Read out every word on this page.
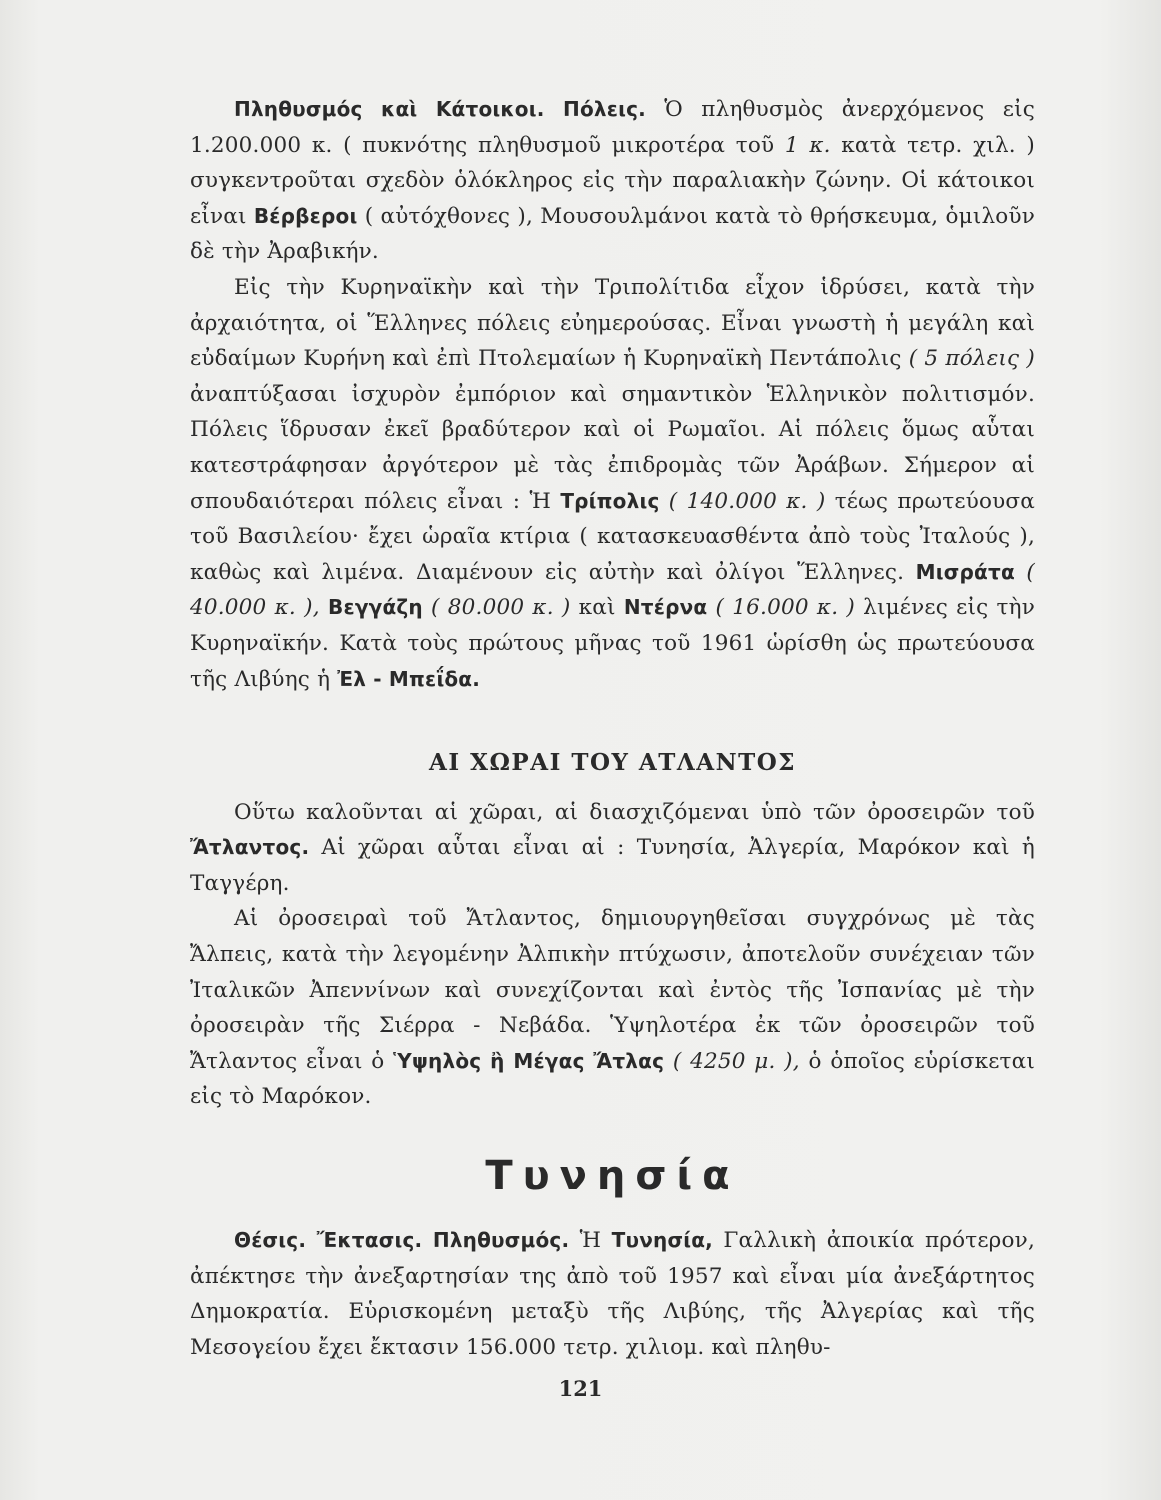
Πληθυσμός καὶ Κάτοικοι. Πόλεις. Ὁ πληθυσμὸς ἀνερχόμενος εἰς 1.200.000 κ. ( πυκνότης πληθυσμοῦ μικροτέρα τοῦ 1 κ. κατὰ τετρ. χιλ. ) συγκεντροῦται σχεδὸν ὁλόκληρος εἰς τὴν παραλιακὴν ζώνην. Οἱ κάτοικοι εἶναι Βέρβεροι ( αὐτόχθονες ), Μουσουλμάνοι κατὰ τὸ θρήσκευμα, ὁμιλοῦν δὲ τὴν Ἀραβικήν.

Εἰς τὴν Κυρηναϊκὴν καὶ τὴν Τριπολίτιδα εἶχον ἱδρύσει, κατὰ τὴν ἀρχαιότητα, οἱ Ἕλληνες πόλεις εὐημερούσας. Εἶναι γνωστὴ ἡ μεγάλη καὶ εὐδαίμων Κυρήνη καὶ ἐπὶ Πτολεμαίων ἡ Κυρηναϊκὴ Πεντάπολις ( 5 πόλεις ) ἀναπτύξασαι ἰσχυρὸν ἐμπόριον καὶ σημαντικὸν Ἑλληνικὸν πολιτισμόν. Πόλεις ἵδρυσαν ἐκεῖ βραδύτερον καὶ οἱ Ρωμαῖοι. Αἱ πόλεις ὅμως αὗται κατεστράφησαν ἀργότερον μὲ τὰς ἐπιδρομὰς τῶν Ἀράβων. Σήμερον αἱ σπουδαιότεραι πόλεις εἶναι : Ἡ Τρίπολις ( 140.000 κ. ) τέως πρωτεύουσα τοῦ Βασιλείου· ἔχει ὡραῖα κτίρια ( κατασκευασθέντα ἀπὸ τοὺς Ἰταλούς ), καθὼς καὶ λιμένα. Διαμένουν εἰς αὐτὴν καὶ ὀλίγοι Ἕλληνες. Μισράτα ( 40.000 κ. ), Βεγγάζη ( 80.000 κ. ) καὶ Ντέρνα ( 16.000 κ. ) λιμένες εἰς τὴν Κυρηναϊκήν. Κατὰ τοὺς πρώτους μῆνας τοῦ 1961 ὡρίσθη ὡς πρωτεύουσα τῆς Λιβύης ἡ Ἐλ - Μπεΐδα.

ΑΙ ΧΩΡΑΙ ΤΟΥ ΑΤΛΑΝΤΟΣ

Οὕτω καλοῦνται αἱ χῶραι, αἱ διασχιζόμεναι ὑπὸ τῶν ὀροσειρῶν τοῦ Ἄτλαντος. Αἱ χῶραι αὗται εἶναι αἱ : Τυνησία, Ἀλγερία, Μαρόκον καὶ ἡ Ταγγέρη.

Αἱ ὀροσειραὶ τοῦ Ἄτλαντος, δημιουργηθεῖσαι συγχρόνως μὲ τὰς Ἄλπεις, κατὰ τὴν λεγομένην Ἀλπικὴν πτύχωσιν, ἀποτελοῦν συνέχειαν τῶν Ἰταλικῶν Ἀπεννίνων καὶ συνεχίζονται καὶ ἐντὸς τῆς Ἰσπανίας μὲ τὴν ὀροσειρὰν τῆς Σιέρρα - Νεβάδα. Ὑψηλοτέρα ἐκ τῶν ὀροσειρῶν τοῦ Ἄτλαντος εἶναι ὁ Ὑψηλὸς ἢ Μέγας Ἄτλας ( 4250 μ. ), ὁ ὁποῖος εὑρίσκεται εἰς τὸ Μαρόκον.

Τυνησία

Θέσις. Ἔκτασις. Πληθυσμός. Ἡ Τυνησία, Γαλλικὴ ἀποικία πρότερον, ἀπέκτησε τὴν ἀνεξαρτησίαν της ἀπὸ τοῦ 1957 καὶ εἶναι μία ἀνεξάρτητος Δημοκρατία. Εὑρισκομένη μεταξὺ τῆς Λιβύης, τῆς Ἀλγερίας καὶ τῆς Μεσογείου ἔχει ἔκτασιν 156.000 τετρ. χιλιομ. καὶ πληθυ-

121
